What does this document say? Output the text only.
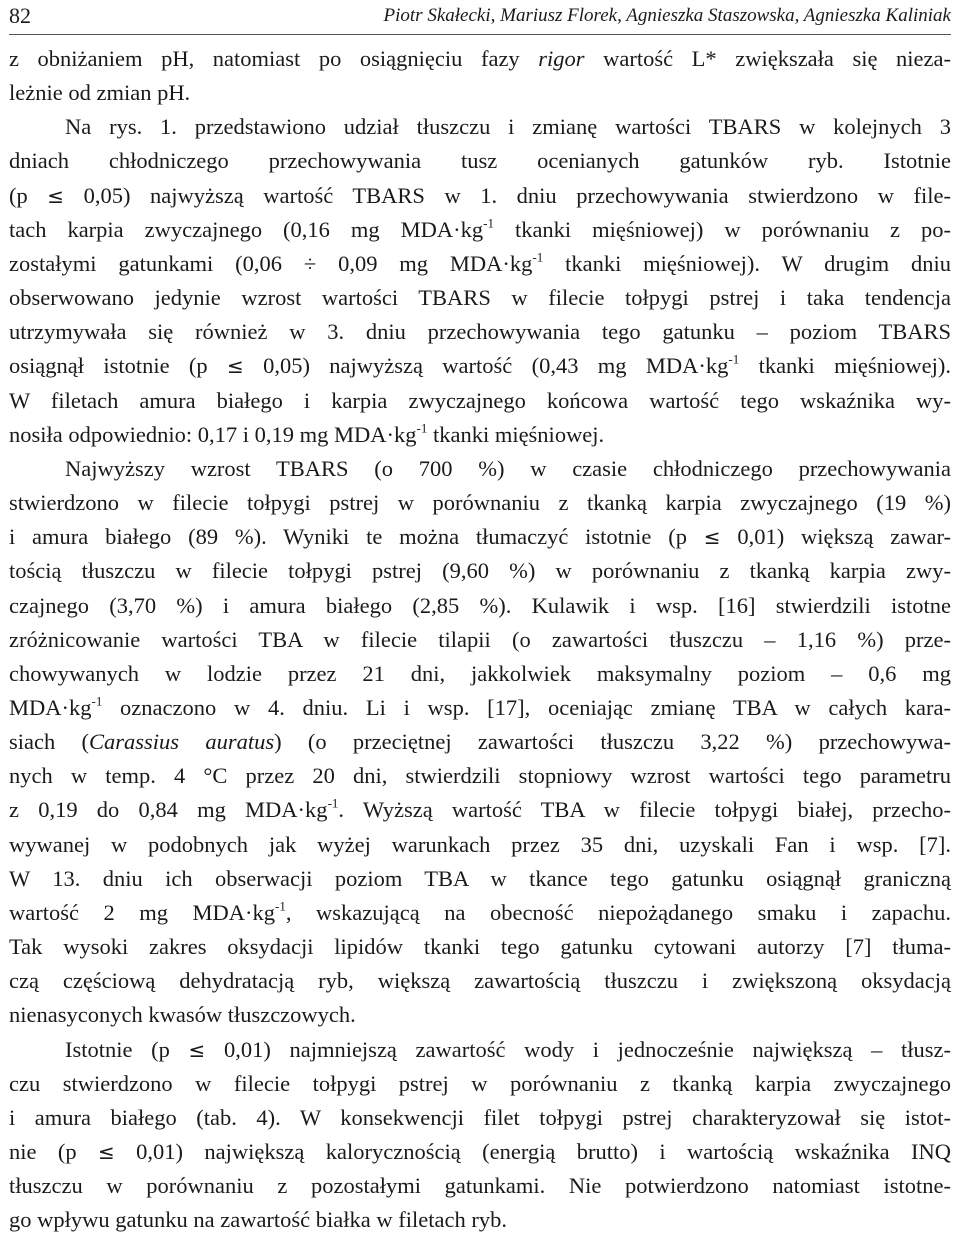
82	Piotr Skałecki, Mariusz Florek, Agnieszka Staszowska, Agnieszka Kaliniak

z obniżaniem pH, natomiast po osiągnięciu fazy rigor wartość L* zwiększała się nieza-
leżnie od zmian pH.

Na rys. 1. przedstawiono udział tłuszczu i zmianę wartości TBARS w kolejnych 3
dniach chłodniczego przechowywania tusz ocenianych gatunków ryb. Istotnie
(p ≤ 0,05) najwyższą wartość TBARS w 1. dniu przechowywania stwierdzono w file-
tach karpia zwyczajnego (0,16 mg $MDA\cdot kg^{-1}$ tkanki mięśniowej) w porównaniu z po-
zostałymi gatunkami (0,06 ÷ 0,09 mg $MDA\cdot kg^{-1}$ tkanki mięśniowej). W drugim dniu
obserwowano jedynie wzrost wartości TBARS w filecie tołpygi pstrej i taka tendencja
utrzymywała się również w 3. dniu przechowywania tego gatunku – poziom TBARS
osiągnął istotnie (p ≤ 0,05) najwyższą wartość (0,43 mg $MDA\cdot kg^{-1}$ tkanki mięśniowej).
W filetach amura białego i karpia zwyczajnego końcowa wartość tego wskaźnika wy-
nosiła odpowiednio: 0,17 i 0,19 mg $MDA\cdot kg^{-1}$ tkanki mięśniowej.

Najwyższy wzrost TBARS (o 700 %) w czasie chłodniczego przechowywania
stwierdzono w filecie tołpygi pstrej w porównaniu z tkanką karpia zwyczajnego (19 %)
i amura białego (89 %). Wyniki te można tłumaczyć istotnie (p ≤ 0,01) większą zawar-
tością tłuszczu w filecie tołpygi pstrej (9,60 %) w porównaniu z tkanką karpia zwy-
czajnego (3,70 %) i amura białego (2,85 %). Kulawik i wsp. [16] stwierdzili istotne
zróżnicowanie wartości TBA w filecie tilapii (o zawartości tłuszczu – 1,16 %) prze-
chowywanych w lodzie przez 21 dni, jakkolwiek maksymalny poziom – 0,6 mg
$MDA\cdot kg^{-1}$ oznaczono w 4. dniu. Li i wsp. [17], oceniając zmianę TBA w całych kara-
siach (Carassius auratus) (o przeciętnej zawartości tłuszczu 3,22 %) przechowywa-
nych w temp. 4 °C przez 20 dni, stwierdzili stopniowy wzrost wartości tego parametru
z 0,19 do 0,84 mg $MDA\cdot kg^{-1}$. Wyższą wartość TBA w filecie tołpygi białej, przecho-
wywanej w podobnych jak wyżej warunkach przez 35 dni, uzyskali Fan i wsp. [7].
W 13. dniu ich obserwacji poziom TBA w tkance tego gatunku osiągnął graniczną
wartość 2 mg $MDA\cdot kg^{-1}$, wskazującą na obecność niepożądanego smaku i zapachu.
Tak wysoki zakres oksydacji lipidów tkanki tego gatunku cytowani autorzy [7] tłuma-
czą częściową dehydratacją ryb, większą zawartością tłuszczu i zwiększoną oksydacją
nienasyconych kwasów tłuszczowych.

Istotnie (p ≤ 0,01) najmniejszą zawartość wody i jednocześnie największą – tłusz-
czu stwierdzono w filecie tołpygi pstrej w porównaniu z tkanką karpia zwyczajnego
i amura białego (tab. 4). W konsekwencji filet tołpygi pstrej charakteryzował się istot-
nie (p ≤ 0,01) największą kalorycznością (energią brutto) i wartością wskaźnika INQ
tłuszczu w porównaniu z pozostałymi gatunkami. Nie potwierdzono natomiast istotne-
go wpływu gatunku na zawartość białka w filetach ryb.
